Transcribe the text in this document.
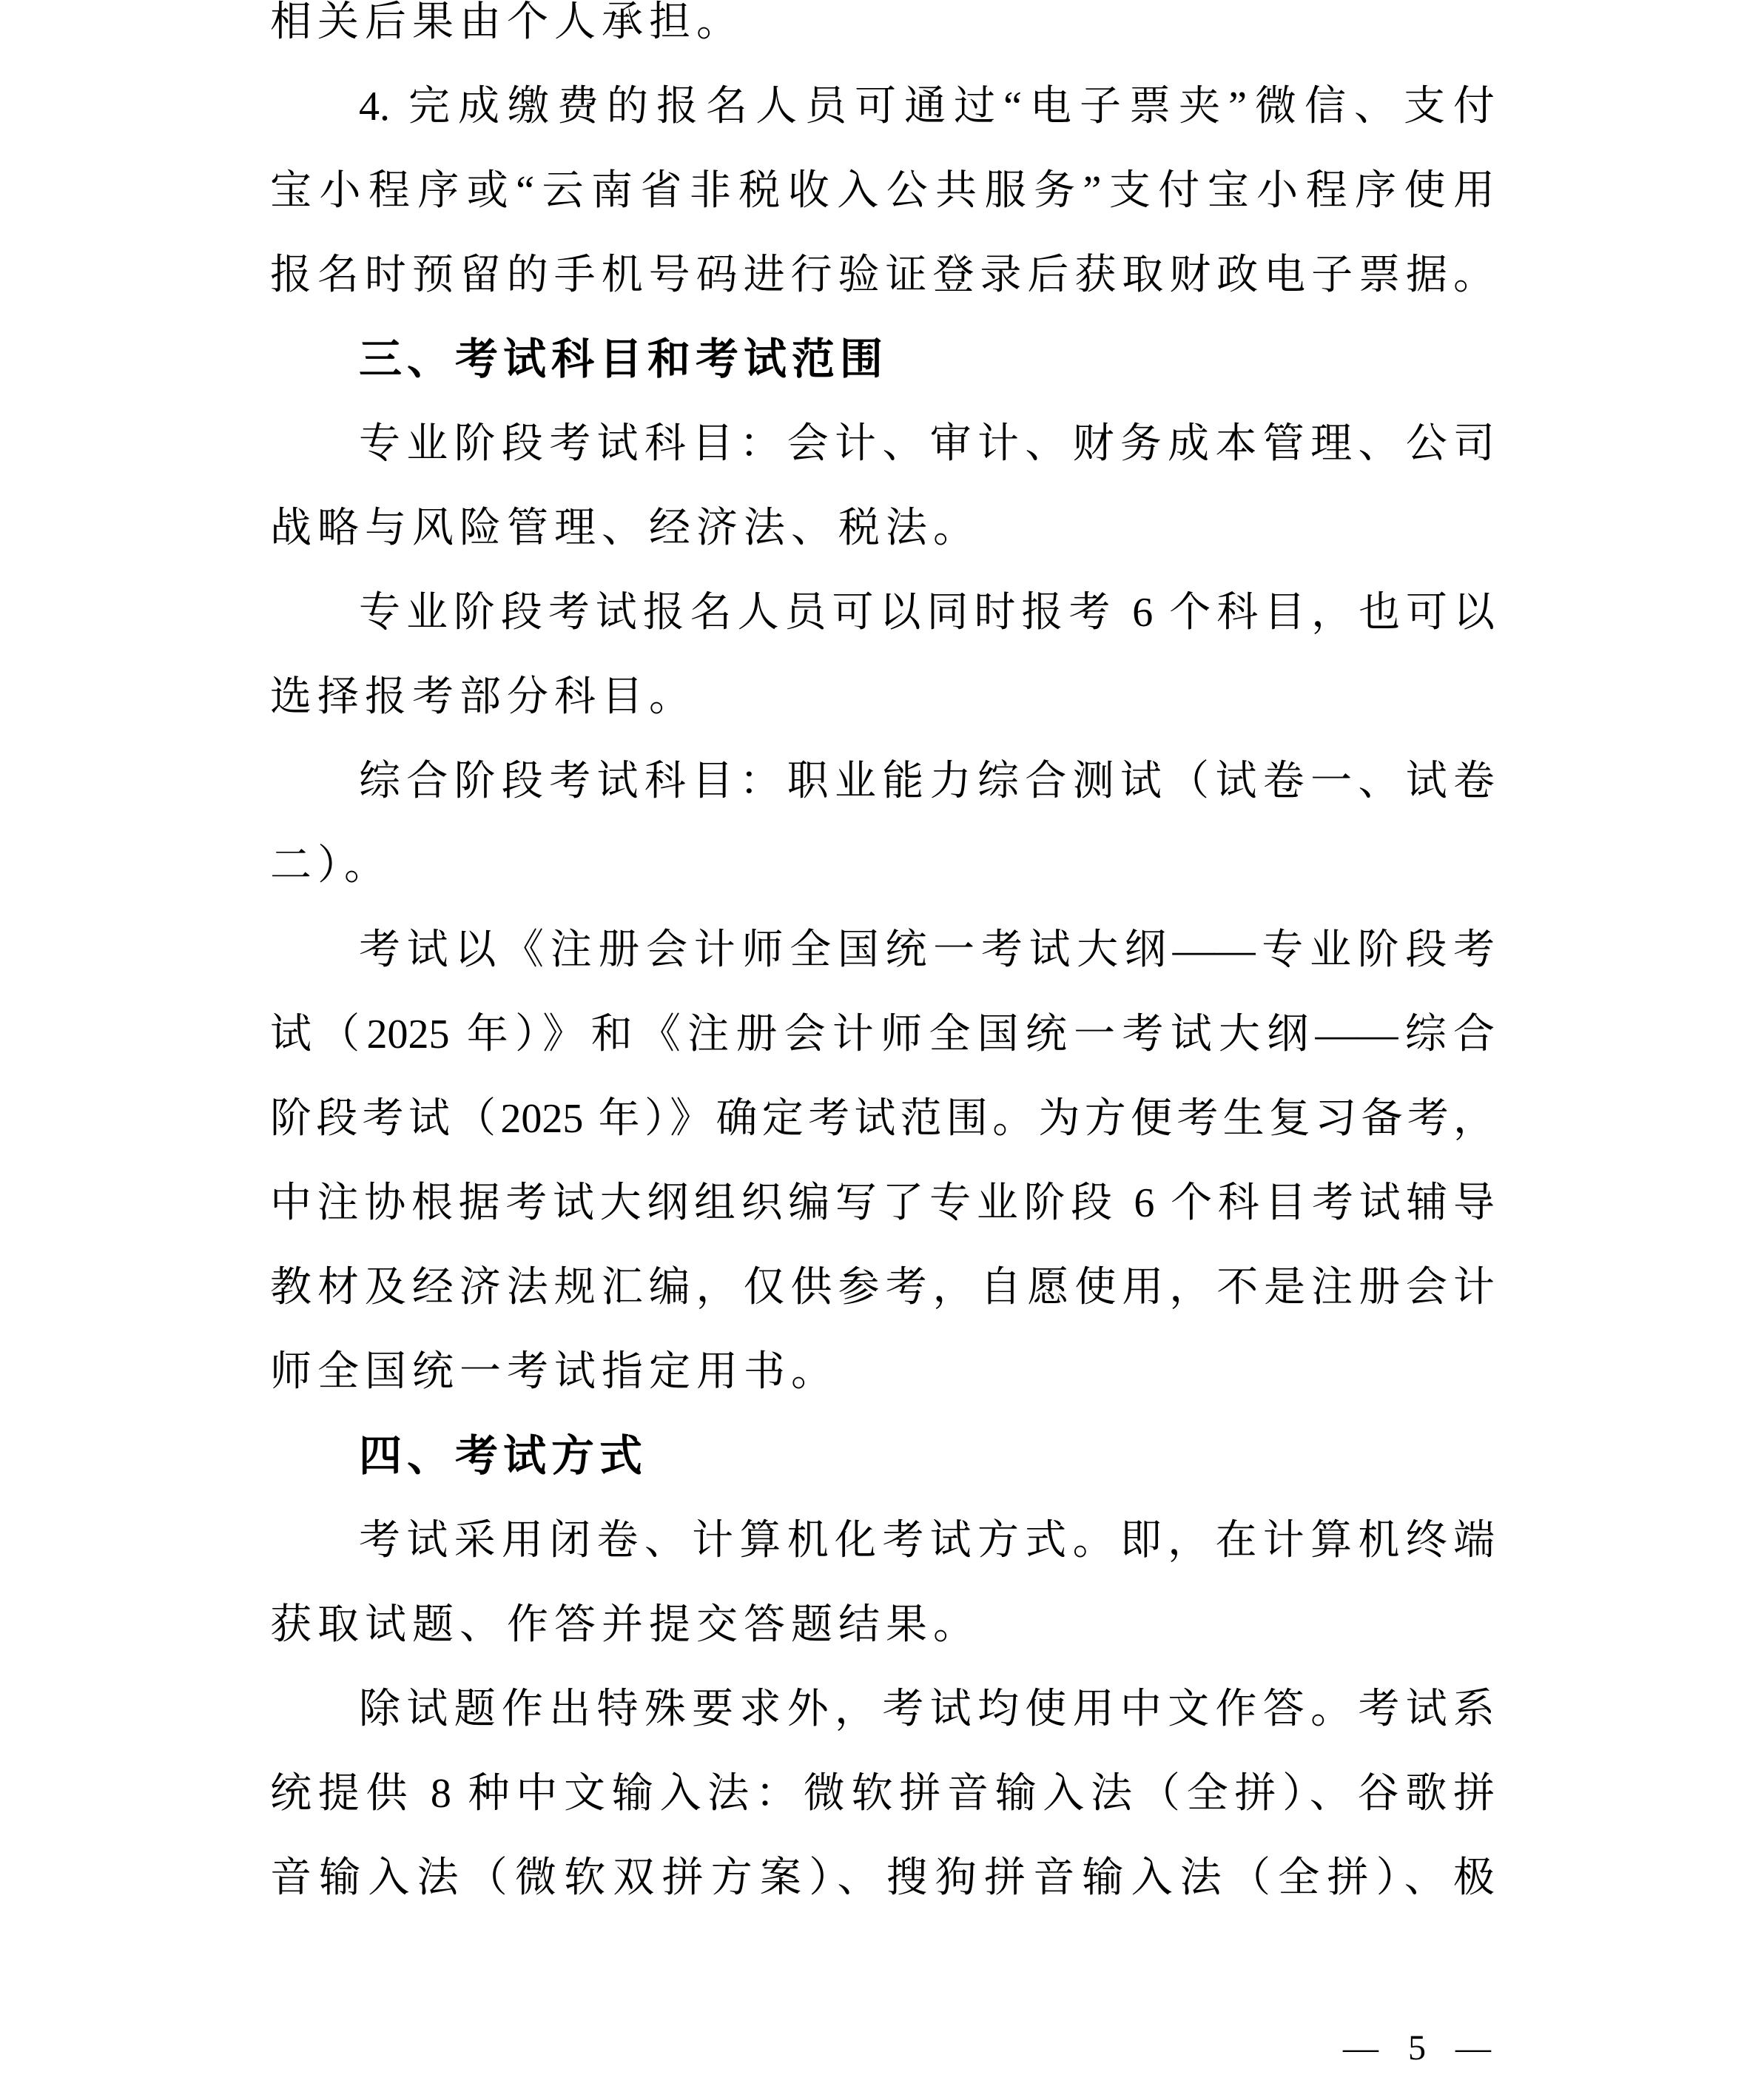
相关后果由个人承担。
4. 完成缴费的报名人员可通过“电子票夹”微信、支付
宝小程序或“云南省非税收入公共服务”支付宝小程序使用
报名时预留的手机号码进行验证登录后获取财政电子票据。
三、考试科目和考试范围
专业阶段考试科目：会计、审计、财务成本管理、公司
战略与风险管理、经济法、税法。
专业阶段考试报名人员可以同时报考 6 个科目，也可以
选择报考部分科目。
综合阶段考试科目：职业能力综合测试（试卷一、试卷
二）。
考试以《注册会计师全国统一考试大纲——专业阶段考
试（2025 年）》和《注册会计师全国统一考试大纲——综合
阶段考试（2025 年）》确定考试范围。为方便考生复习备考，
中注协根据考试大纲组织编写了专业阶段 6 个科目考试辅导
教材及经济法规汇编，仅供参考，自愿使用，不是注册会计
师全国统一考试指定用书。
四、考试方式
考试采用闭卷、计算机化考试方式。即，在计算机终端
获取试题、作答并提交答题结果。
除试题作出特殊要求外，考试均使用中文作答。考试系
统提供 8 种中文输入法：微软拼音输入法（全拼）、谷歌拼
音输入法（微软双拼方案）、搜狗拼音输入法（全拼）、极
— 5 —
